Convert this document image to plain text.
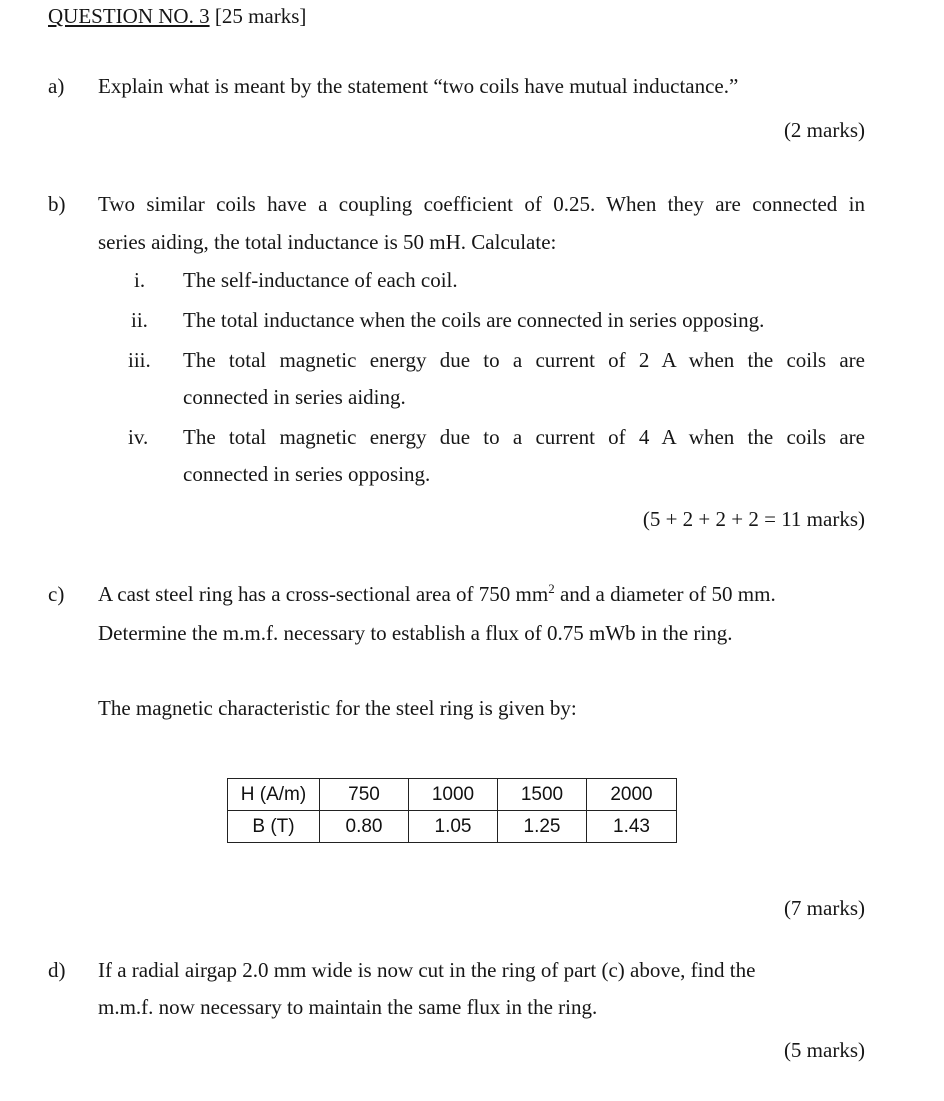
QUESTION NO. 3 [25 marks]
a) Explain what is meant by the statement “two coils have mutual inductance.”
(2 marks)
b) Two similar coils have a coupling coefficient of 0.25. When they are connected in
series aiding, the total inductance is 50 mH. Calculate:
i. The self-inductance of each coil.
ii. The total inductance when the coils are connected in series opposing.
iii. The total magnetic energy due to a current of 2 A when the coils are
connected in series aiding.
iv. The total magnetic energy due to a current of 4 A when the coils are
connected in series opposing.
(5 + 2 + 2 + 2 = 11 marks)
c) A cast steel ring has a cross-sectional area of 750 $mm^2$ and a diameter of 50 mm.
Determine the m.m.f. necessary to establish a flux of 0.75 mWb in the ring.
The magnetic characteristic for the steel ring is given by:
H (A/m)	750	1000	1500	2000
B (T)	0.80	1.05	1.25	1.43
(7 marks)
d) If a radial airgap 2.0 mm wide is now cut in the ring of part (c) above, find the
m.m.f. now necessary to maintain the same flux in the ring.
(5 marks)
